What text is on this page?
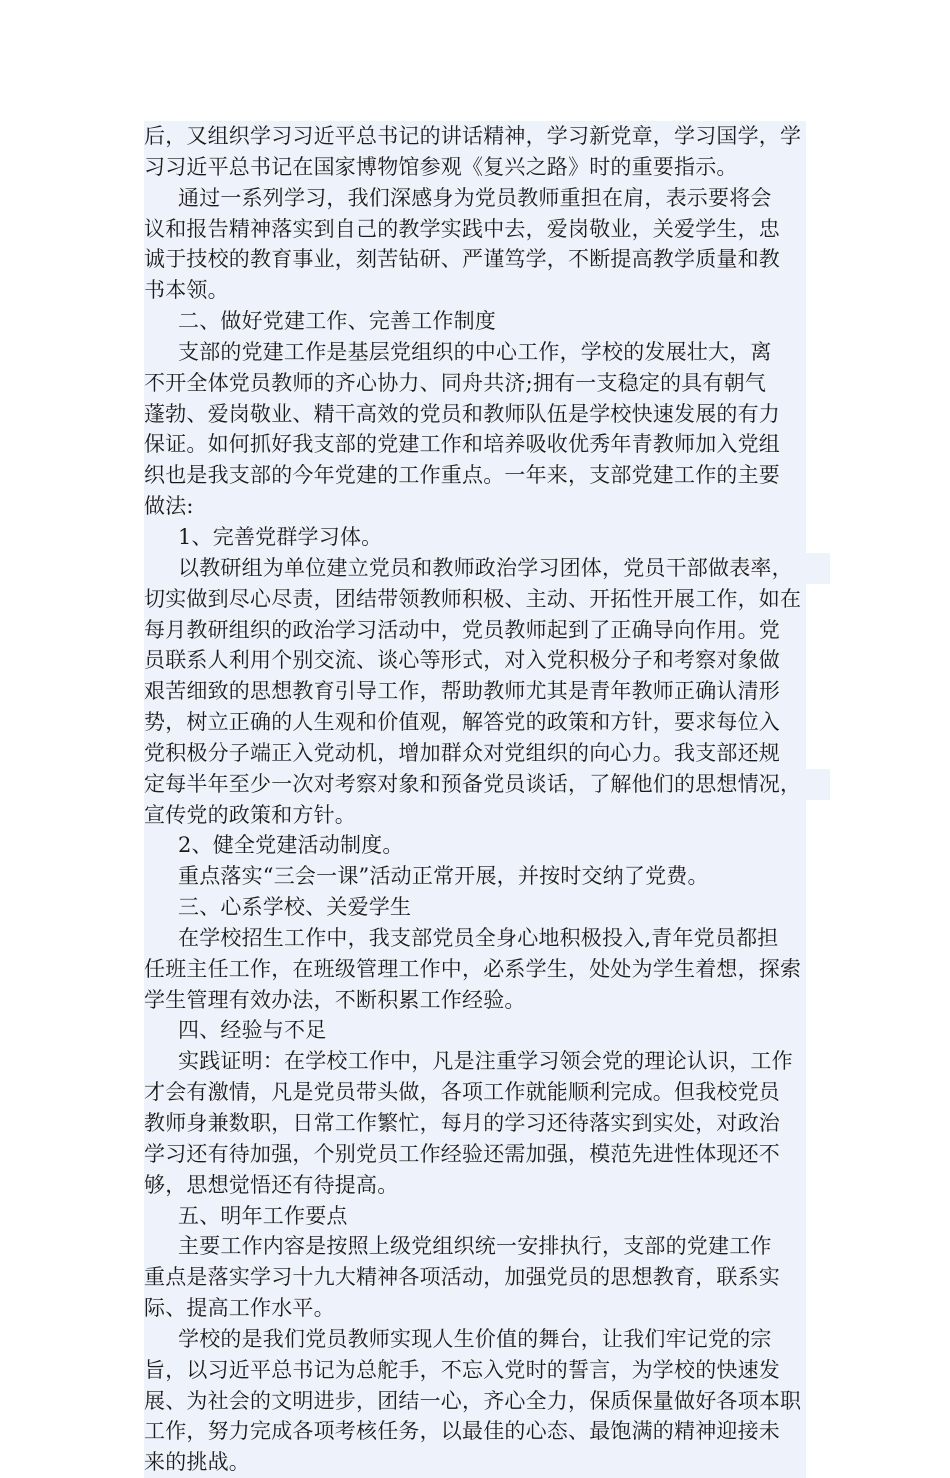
后，又组织学习习近平总书记的讲话精神，学习新党章，学习国学，学
习习近平总书记在国家博物馆参观《复兴之路》时的重要指示。
通过一系列学习，我们深感身为党员教师重担在肩，表示要将会
议和报告精神落实到自己的教学实践中去，爱岗敬业，关爱学生，忠
诚于技校的教育事业，刻苦钻研、严谨笃学，不断提高教学质量和教
书本领。
二、做好党建工作、完善工作制度
支部的党建工作是基层党组织的中心工作，学校的发展壮大，离
不开全体党员教师的齐心协力、同舟共济;拥有一支稳定的具有朝气
蓬勃、爱岗敬业、精干高效的党员和教师队伍是学校快速发展的有力
保证。如何抓好我支部的党建工作和培养吸收优秀年青教师加入党组
织也是我支部的今年党建的工作重点。一年来，支部党建工作的主要
做法:
1、完善党群学习体。
以教研组为单位建立党员和教师政治学习团体，党员干部做表率，
切实做到尽心尽责，团结带领教师积极、主动、开拓性开展工作，如在
每月教研组织的政治学习活动中，党员教师起到了正确导向作用。党
员联系人利用个别交流、谈心等形式，对入党积极分子和考察对象做
艰苦细致的思想教育引导工作，帮助教师尤其是青年教师正确认清形
势，树立正确的人生观和价值观，解答党的政策和方针，要求每位入
党积极分子端正入党动机，增加群众对党组织的向心力。我支部还规
定每半年至少一次对考察对象和预备党员谈话，了解他们的思想情况，
宣传党的政策和方针。
2、健全党建活动制度。
重点落实“三会一课”活动正常开展，并按时交纳了党费。
三、心系学校、关爱学生
在学校招生工作中，我支部党员全身心地积极投入,青年党员都担
任班主任工作，在班级管理工作中，必系学生，处处为学生着想，探索
学生管理有效办法，不断积累工作经验。
四、经验与不足
实践证明：在学校工作中，凡是注重学习领会党的理论认识，工作
才会有激情，凡是党员带头做，各项工作就能顺利完成。但我校党员
教师身兼数职，日常工作繁忙，每月的学习还待落实到实处，对政治
学习还有待加强，个别党员工作经验还需加强，模范先进性体现还不
够，思想觉悟还有待提高。
五、明年工作要点
主要工作内容是按照上级党组织统一安排执行，支部的党建工作
重点是落实学习十九大精神各项活动，加强党员的思想教育，联系实
际、提高工作水平。
学校的是我们党员教师实现人生价值的舞台，让我们牢记党的宗
旨，以习近平总书记为总舵手，不忘入党时的誓言，为学校的快速发
展、为社会的文明进步，团结一心，齐心全力，保质保量做好各项本职
工作，努力完成各项考核任务，以最佳的心态、最饱满的精神迎接未
来的挑战。
